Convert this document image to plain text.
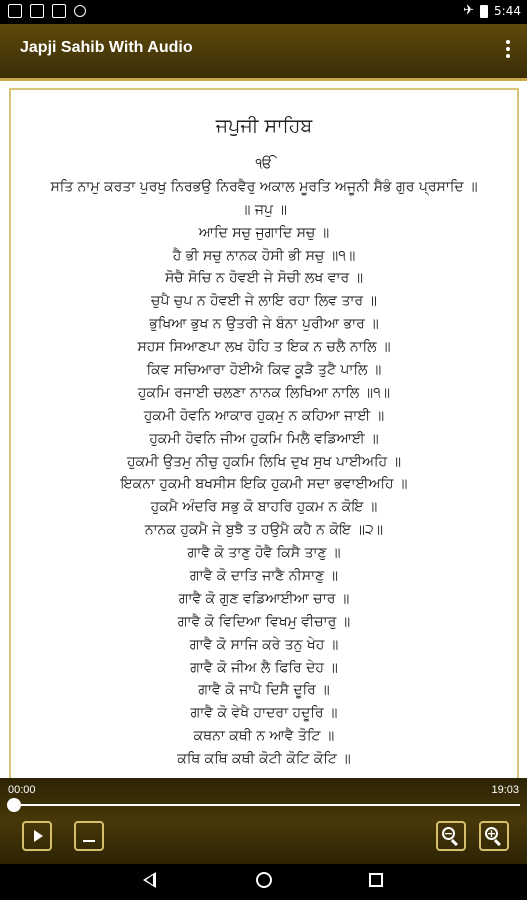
✈ 5:44
Japji Sahib With Audio
ਜਪੁਜੀ ਸਾਹਿਬ
ੴ
ਸਤਿ ਨਾਮੁ ਕਰਤਾ ਪੁਰਖੁ ਨਿਰਭਉ ਨਿਰਵੈਰੁ ਅਕਾਲ ਮੂਰਤਿ ਅਜੂਨੀ ਸੈਭੰ ਗੁਰ ਪ੍ਰਸਾਦਿ ॥
॥ ਜਪੁ ॥
ਆਦਿ ਸਚੁ ਜੁਗਾਦਿ ਸਚੁ ॥
ਹੈ ਭੀ ਸਚੁ ਨਾਨਕ ਹੋਸੀ ਭੀ ਸਚੁ ॥੧॥
ਸੋਚੈ ਸੋਚਿ ਨ ਹੋਵਈ ਜੇ ਸੋਚੀ ਲਖ ਵਾਰ ॥
ਚੁਪੈ ਚੁਪ ਨ ਹੋਵਈ ਜੇ ਲਾਇ ਰਹਾ ਲਿਵ ਤਾਰ ॥
ਭੁਖਿਆ ਭੁਖ ਨ ਉਤਰੀ ਜੇ ਬੰਨਾ ਪੁਰੀਆ ਭਾਰ ॥
ਸਹਸ ਸਿਆਣਪਾ ਲਖ ਹੋਹਿ ਤ ਇਕ ਨ ਚਲੈ ਨਾਲਿ ॥
ਕਿਵ ਸਚਿਆਰਾ ਹੋਈਐ ਕਿਵ ਕੂੜੈ ਤੁਟੈ ਪਾਲਿ ॥
ਹੁਕਮਿ ਰਜਾਈ ਚਲਣਾ ਨਾਨਕ ਲਿਖਿਆ ਨਾਲਿ ॥੧॥
ਹੁਕਮੀ ਹੋਵਨਿ ਆਕਾਰ ਹੁਕਮੁ ਨ ਕਹਿਆ ਜਾਈ ॥
ਹੁਕਮੀ ਹੋਵਨਿ ਜੀਅ ਹੁਕਮਿ ਮਿਲੈ ਵਡਿਆਈ ॥
ਹੁਕਮੀ ਉਤਮੁ ਨੀਚੁ ਹੁਕਮਿ ਲਿਖਿ ਦੁਖ ਸੁਖ ਪਾਈਅਹਿ ॥
ਇਕਨਾ ਹੁਕਮੀ ਬਖਸੀਸ ਇਕਿ ਹੁਕਮੀ ਸਦਾ ਭਵਾਈਅਹਿ ॥
ਹੁਕਮੈ ਅੰਦਰਿ ਸਭੁ ਕੋ ਬਾਹਰਿ ਹੁਕਮ ਨ ਕੋਇ ॥
ਨਾਨਕ ਹੁਕਮੈ ਜੇ ਬੁਝੈ ਤ ਹਉਮੈ ਕਹੈ ਨ ਕੋਇ ॥੨॥
ਗਾਵੈ ਕੋ ਤਾਣੁ ਹੋਵੈ ਕਿਸੈ ਤਾਣੁ ॥
ਗਾਵੈ ਕੋ ਦਾਤਿ ਜਾਣੈ ਨੀਸਾਣੁ ॥
ਗਾਵੈ ਕੋ ਗੁਣ ਵਡਿਆਈਆ ਚਾਰ ॥
ਗਾਵੈ ਕੋ ਵਿਦਿਆ ਵਿਖਮੁ ਵੀਚਾਰੁ ॥
ਗਾਵੈ ਕੋ ਸਾਜਿ ਕਰੇ ਤਨੁ ਖੇਹ ॥
ਗਾਵੈ ਕੋ ਜੀਅ ਲੈ ਫਿਰਿ ਦੇਹ ॥
ਗਾਵੈ ਕੋ ਜਾਪੈ ਦਿਸੈ ਦੂਰਿ ॥
ਗਾਵੈ ਕੋ ਵੇਖੈ ਹਾਦਰਾ ਹਦੂਰਿ ॥
ਕਥਨਾ ਕਥੀ ਨ ਆਵੈ ਤੋਟਿ ॥
ਕਥਿ ਕਥਿ ਕਥੀ ਕੋਟੀ ਕੋਟਿ ਕੋਟਿ ॥
00:00	19:03
−	+
